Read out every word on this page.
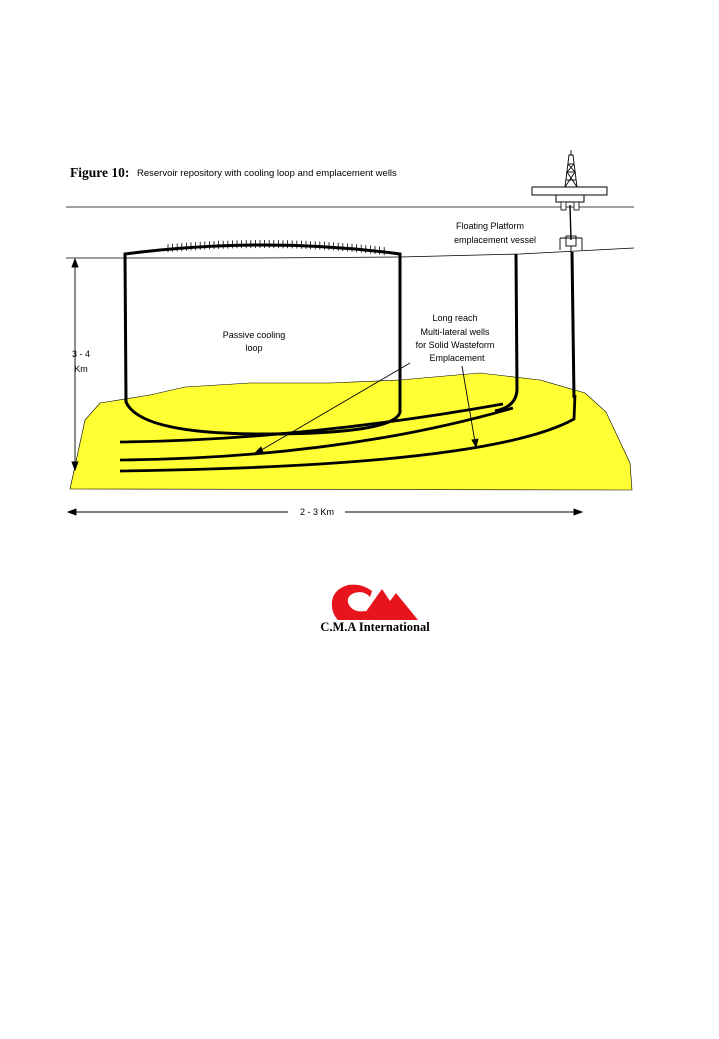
Figure 10: Reservoir repository with cooling loop and emplacement wells
Floating Platform
emplacement vessel
Passive cooling
loop
Long reach
Multi-lateral wells
for Solid Wasteform
Emplacement
3 - 4
Km
2 - 3 Km
C.M.A International
